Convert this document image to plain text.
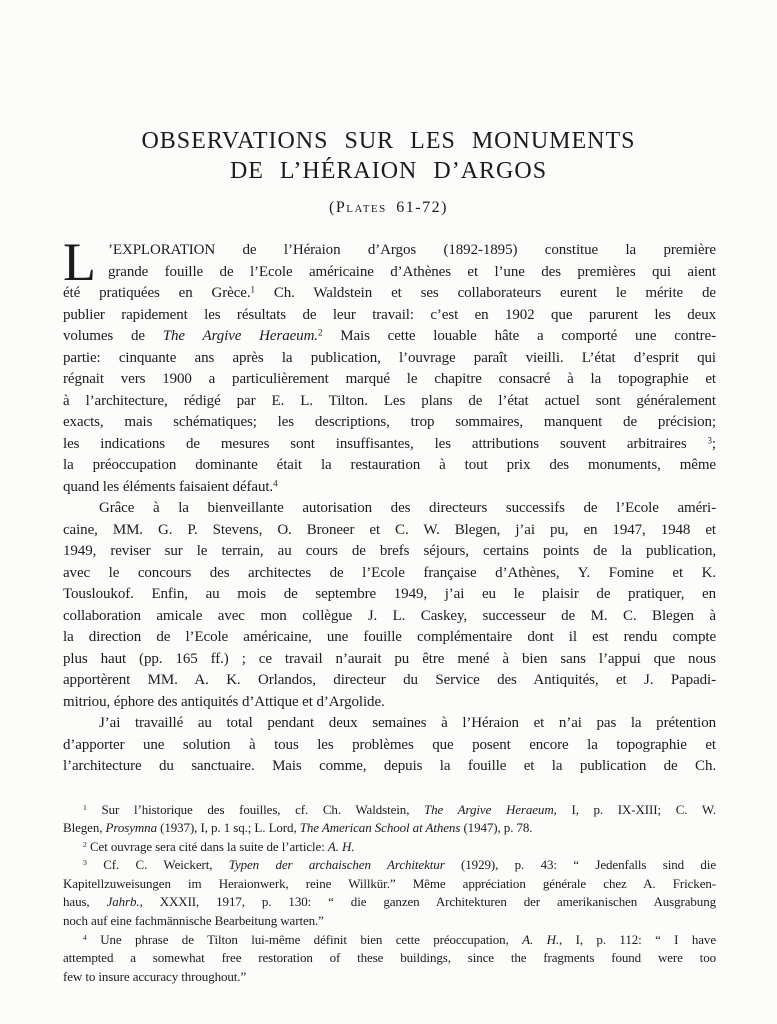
OBSERVATIONS SUR LES MONUMENTS
DE L’HÉRAION D’ARGOS
(Plates 61-72)
L ’EXPLORATION de l’Héraion d’Argos (1892-1895) constitue la première
grande fouille de l’Ecole américaine d’Athènes et l’une des premières qui aient
été pratiquées en Grèce.$^1$ Ch. Waldstein et ses collaborateurs eurent le mérite de
publier rapidement les résultats de leur travail: c’est en 1902 que parurent les deux
volumes de The Argive Heraeum.$^2$ Mais cette louable hâte a comporté une contre-
partie: cinquante ans après la publication, l’ouvrage paraît vieilli. L’état d’esprit qui
régnait vers 1900 a particulièrement marqué le chapitre consacré à la topographie et
à l’architecture, rédigé par E. L. Tilton. Les plans de l’état actuel sont généralement
exacts, mais schématiques; les descriptions, trop sommaires, manquent de précision;
les indications de mesures sont insuffisantes, les attributions souvent arbitraires $^3$;
la préoccupation dominante était la restauration à tout prix des monuments, même
quand les éléments faisaient défaut.$^4$
Grâce à la bienveillante autorisation des directeurs successifs de l’Ecole améri-
caine, MM. G. P. Stevens, O. Broneer et C. W. Blegen, j’ai pu, en 1947, 1948 et
1949, reviser sur le terrain, au cours de brefs séjours, certains points de la publication,
avec le concours des architectes de l’Ecole française d’Athènes, Y. Fomine et K.
Tousloukof. Enfin, au mois de septembre 1949, j’ai eu le plaisir de pratiquer, en
collaboration amicale avec mon collègue J. L. Caskey, successeur de M. C. Blegen à
la direction de l’Ecole américaine, une fouille complémentaire dont il est rendu compte
plus haut (pp. 165 ff.) ; ce travail n’aurait pu être mené à bien sans l’appui que nous
apportèrent MM. A. K. Orlandos, directeur du Service des Antiquités, et J. Papadi-
mitriou, éphore des antiquités d’Attique et d’Argolide.
J’ai travaillé au total pendant deux semaines à l’Héraion et n’ai pas la prétention
d’apporter une solution à tous les problèmes que posent encore la topographie et
l’architecture du sanctuaire. Mais comme, depuis la fouille et la publication de Ch.
$^1$ Sur l’historique des fouilles, cf. Ch. Waldstein, The Argive Heraeum, I, p. IX-XIII; C. W.
Blegen, Prosymna (1937), I, p. 1 sq.; L. Lord, The American School at Athens (1947), p. 78.
$^2$ Cet ouvrage sera cité dans la suite de l’article: A. H.
$^3$ Cf. C. Weickert, Typen der archaischen Architektur (1929), p. 43: “ Jedenfalls sind die
Kapitellzuweisungen im Heraionwerk, reine Willkür.” Même appréciation générale chez A. Fricken-
haus, Jahrb., XXXII, 1917, p. 130: “ die ganzen Architekturen der amerikanischen Ausgrabung
noch auf eine fachmännische Bearbeitung warten.”
$^4$ Une phrase de Tilton lui-même définit bien cette préoccupation, A. H., I, p. 112: “ I have
attempted a somewhat free restoration of these buildings, since the fragments found were too
few to insure accuracy throughout.”
